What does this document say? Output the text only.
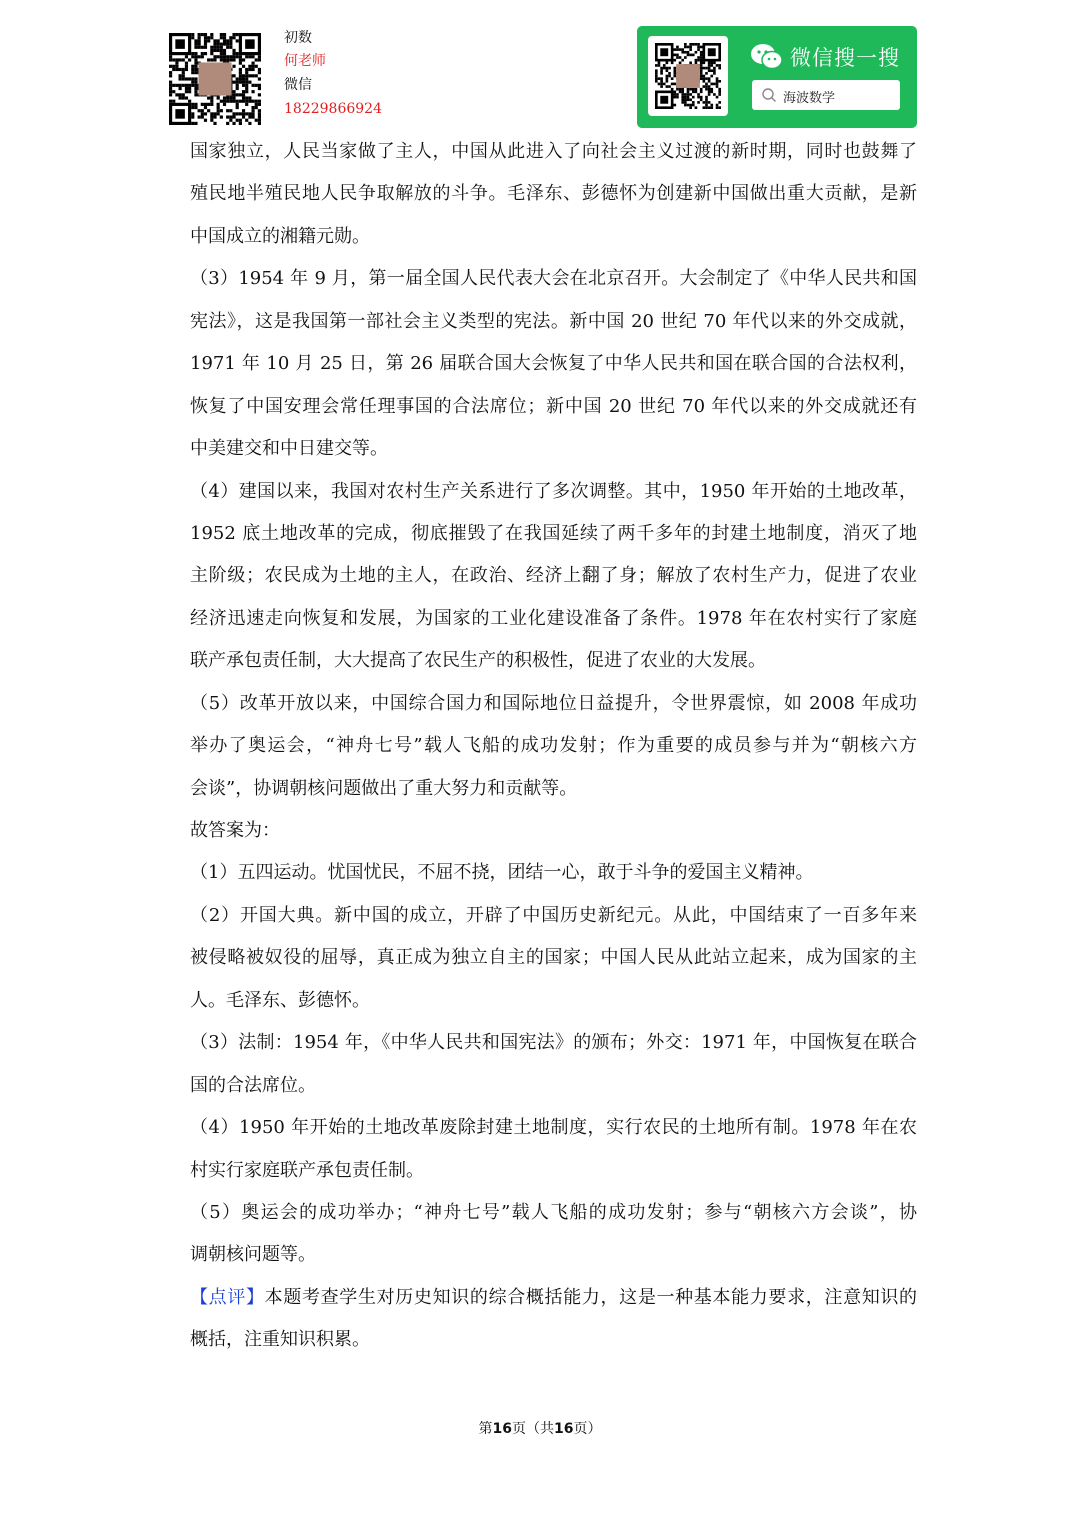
初数
何老师
微信
18229866924
微信搜一搜
海波数学
国家独立，人民当家做了主人，中国从此进入了向社会主义过渡的新时期，同时也鼓舞了
殖民地半殖民地人民争取解放的斗争。毛泽东、彭德怀为创建新中国做出重大贡献，是新
中国成立的湘籍元勋。
（3）1954 年 9 月，第一届全国人民代表大会在北京召开。大会制定了《中华人民共和国
宪法》，这是我国第一部社会主义类型的宪法。新中国 20 世纪 70 年代以来的外交成就，
1971 年 10 月 25 日，第 26 届联合国大会恢复了中华人民共和国在联合国的合法权利，
恢复了中国安理会常任理事国的合法席位；新中国 20 世纪 70 年代以来的外交成就还有
中美建交和中日建交等。
（4）建国以来，我国对农村生产关系进行了多次调整。其中，1950 年开始的土地改革，
1952 底土地改革的完成，彻底摧毁了在我国延续了两千多年的封建土地制度，消灭了地
主阶级；农民成为土地的主人，在政治、经济上翻了身；解放了农村生产力，促进了农业
经济迅速走向恢复和发展，为国家的工业化建设准备了条件。1978 年在农村实行了家庭
联产承包责任制，大大提高了农民生产的积极性，促进了农业的大发展。
（5）改革开放以来，中国综合国力和国际地位日益提升，令世界震惊，如 2008 年成功
举办了奥运会，“神舟七号”载人飞船的成功发射；作为重要的成员参与并为“朝核六方
会谈”，协调朝核问题做出了重大努力和贡献等。
故答案为：
（1）五四运动。忧国忧民，不屈不挠，团结一心，敢于斗争的爱国主义精神。
（2）开国大典。新中国的成立，开辟了中国历史新纪元。从此，中国结束了一百多年来
被侵略被奴役的屈辱，真正成为独立自主的国家；中国人民从此站立起来，成为国家的主
人。毛泽东、彭德怀。
（3）法制：1954 年，《中华人民共和国宪法》的颁布；外交：1971 年，中国恢复在联合
国的合法席位。
（4）1950 年开始的土地改革废除封建土地制度，实行农民的土地所有制。1978 年在农
村实行家庭联产承包责任制。
（5）奥运会的成功举办；“神舟七号”载人飞船的成功发射；参与“朝核六方会谈”，协
调朝核问题等。
【点评】本题考查学生对历史知识的综合概括能力，这是一种基本能力要求，注意知识的
概括，注重知识积累。
第16页（共16页）
